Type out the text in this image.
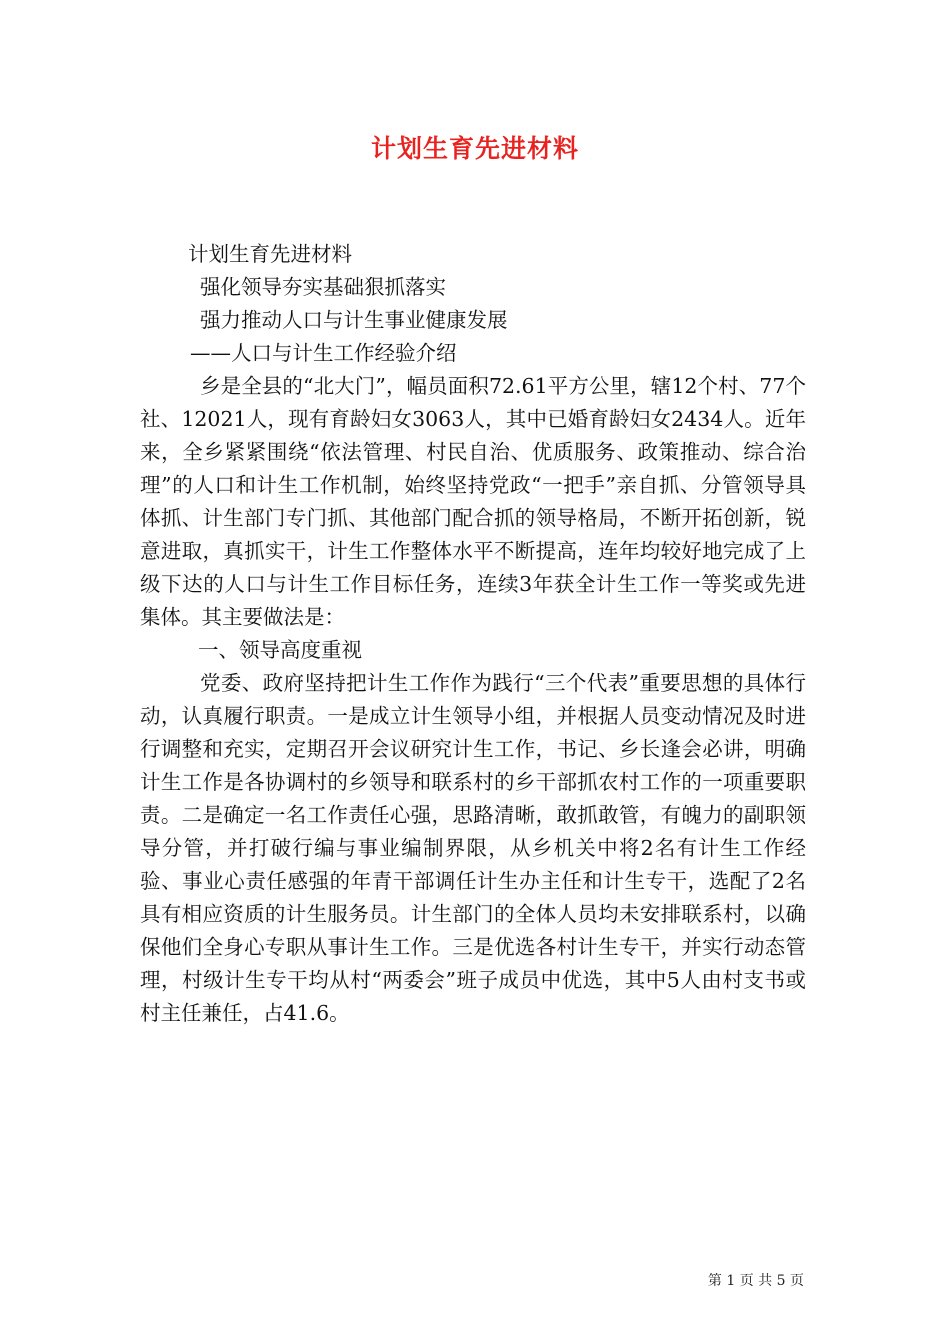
计划生育先进材料

计划生育先进材料

强化领导夯实基础狠抓落实

强力推动人口与计生事业健康发展

——人口与计生工作经验介绍

乡是全县的“北大门”，幅员面积72.61平方公里，辖12个村、77个社、12021人，现有育龄妇女3063人，其中已婚育龄妇女2434人。近年来，全乡紧紧围绕“依法管理、村民自治、优质服务、政策推动、综合治理”的人口和计生工作机制，始终坚持党政“一把手”亲自抓、分管领导具体抓、计生部门专门抓、其他部门配合抓的领导格局，不断开拓创新，锐意进取，真抓实干，计生工作整体水平不断提高，连年均较好地完成了上级下达的人口与计生工作目标任务，连续3年获全计生工作一等奖或先进集体。其主要做法是：

一、领导高度重视

党委、政府坚持把计生工作作为践行“三个代表”重要思想的具体行动，认真履行职责。一是成立计生领导小组，并根据人员变动情况及时进行调整和充实，定期召开会议研究计生工作，书记、乡长逢会必讲，明确计生工作是各协调村的乡领导和联系村的乡干部抓农村工作的一项重要职责。二是确定一名工作责任心强，思路清晰，敢抓敢管，有魄力的副职领导分管，并打破行编与事业编制界限，从乡机关中将2名有计生工作经验、事业心责任感强的年青干部调任计生办主任和计生专干，选配了2名具有相应资质的计生服务员。计生部门的全体人员均未安排联系村，以确保他们全身心专职从事计生工作。三是优选各村计生专干，并实行动态管理，村级计生专干均从村“两委会”班子成员中优选，其中5人由村支书或村主任兼任，占41.6。

第 1 页 共 5 页
